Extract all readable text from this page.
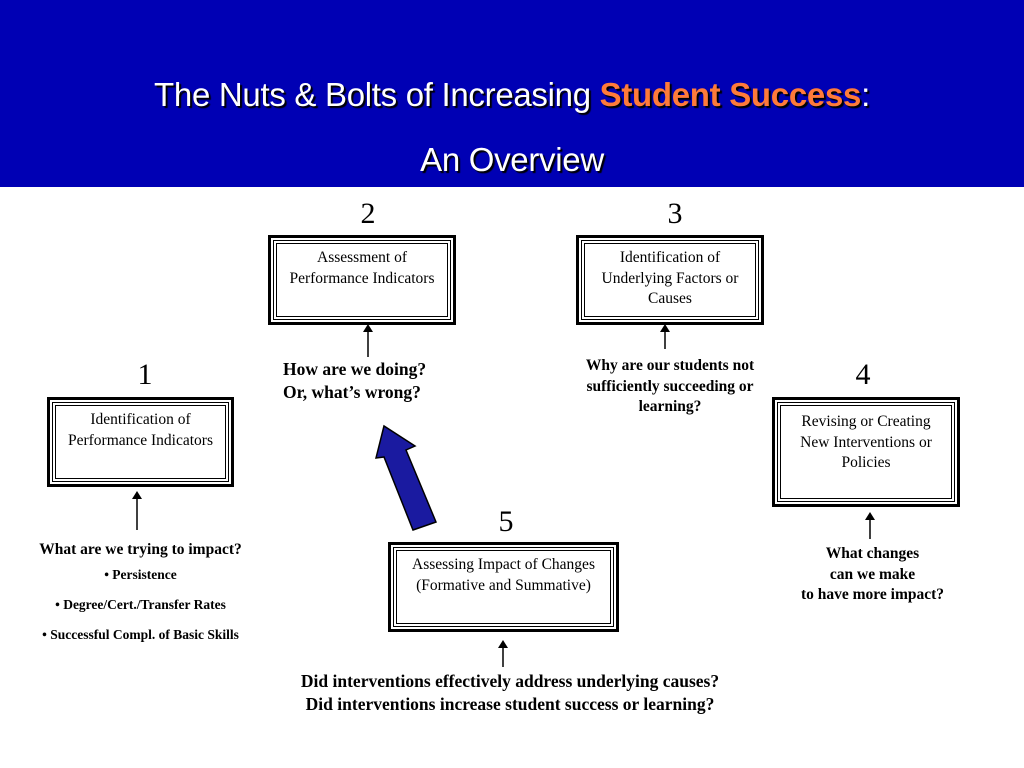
The Nuts & Bolts of Increasing Student Success:
An Overview
1
2	3
4
5
Identification of Performance Indicators
Assessment of Performance Indicators
Identification of Underlying Factors or Causes
Revising or Creating New Interventions or Policies
Assessing Impact of Changes (Formative and Summative)
What are we trying to impact?
• Persistence
• Degree/Cert./Transfer Rates
• Successful Compl. of Basic Skills
How are we doing?
Or, what’s wrong?
Why are our students not sufficiently succeeding or learning?
What changes
can we make
to have more impact?
Did interventions effectively address underlying causes?
Did interventions increase student success or learning?
